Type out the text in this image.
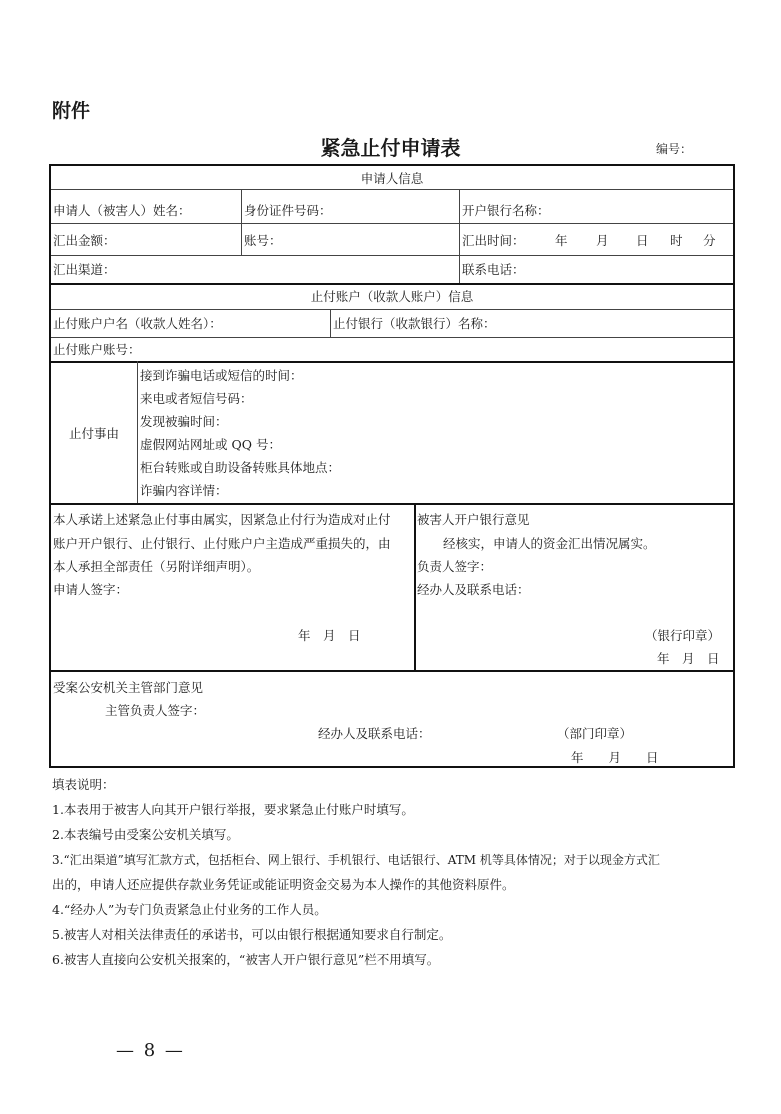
附件
紧急止付申请表	编号：
申请人信息
申请人（被害人）姓名：	身份证件号码：	开户银行名称：
汇出金额：	账号：	汇出时间： 年 月 日 时 分
汇出渠道：	联系电话：
止付账户（收款人账户）信息
止付账户户名（收款人姓名）：	止付银行（收款银行）名称：
止付账户账号：
止付事由
接到诈骗电话或短信的时间：
来电或者短信号码：
发现被骗时间：
虚假网站网址或 QQ 号：
柜台转账或自助设备转账具体地点：
诈骗内容详情：
本人承诺上述紧急止付事由属实，因紧急止付行为造成对止付
账户开户银行、止付银行、止付账户户主造成严重损失的，由
本人承担全部责任（另附详细声明）。
申请人签字：
年　月　日
被害人开户银行意见
经核实，申请人的资金汇出情况属实。
负责人签字：
经办人及联系电话：
（银行印章）
年　月　日
受案公安机关主管部门意见
主管负责人签字：
经办人及联系电话：	（部门印章）
年　　月　　日
填表说明：
1.本表用于被害人向其开户银行举报，要求紧急止付账户时填写。
2.本表编号由受案公安机关填写。
3.“汇出渠道”填写汇款方式，包括柜台、网上银行、手机银行、电话银行、ATM 机等具体情况；对于以现金方式汇
出的，申请人还应提供存款业务凭证或能证明资金交易为本人操作的其他资料原件。
4.“经办人”为专门负责紧急止付业务的工作人员。
5.被害人对相关法律责任的承诺书，可以由银行根据通知要求自行制定。
6.被害人直接向公安机关报案的，“被害人开户银行意见”栏不用填写。
— 8 —
